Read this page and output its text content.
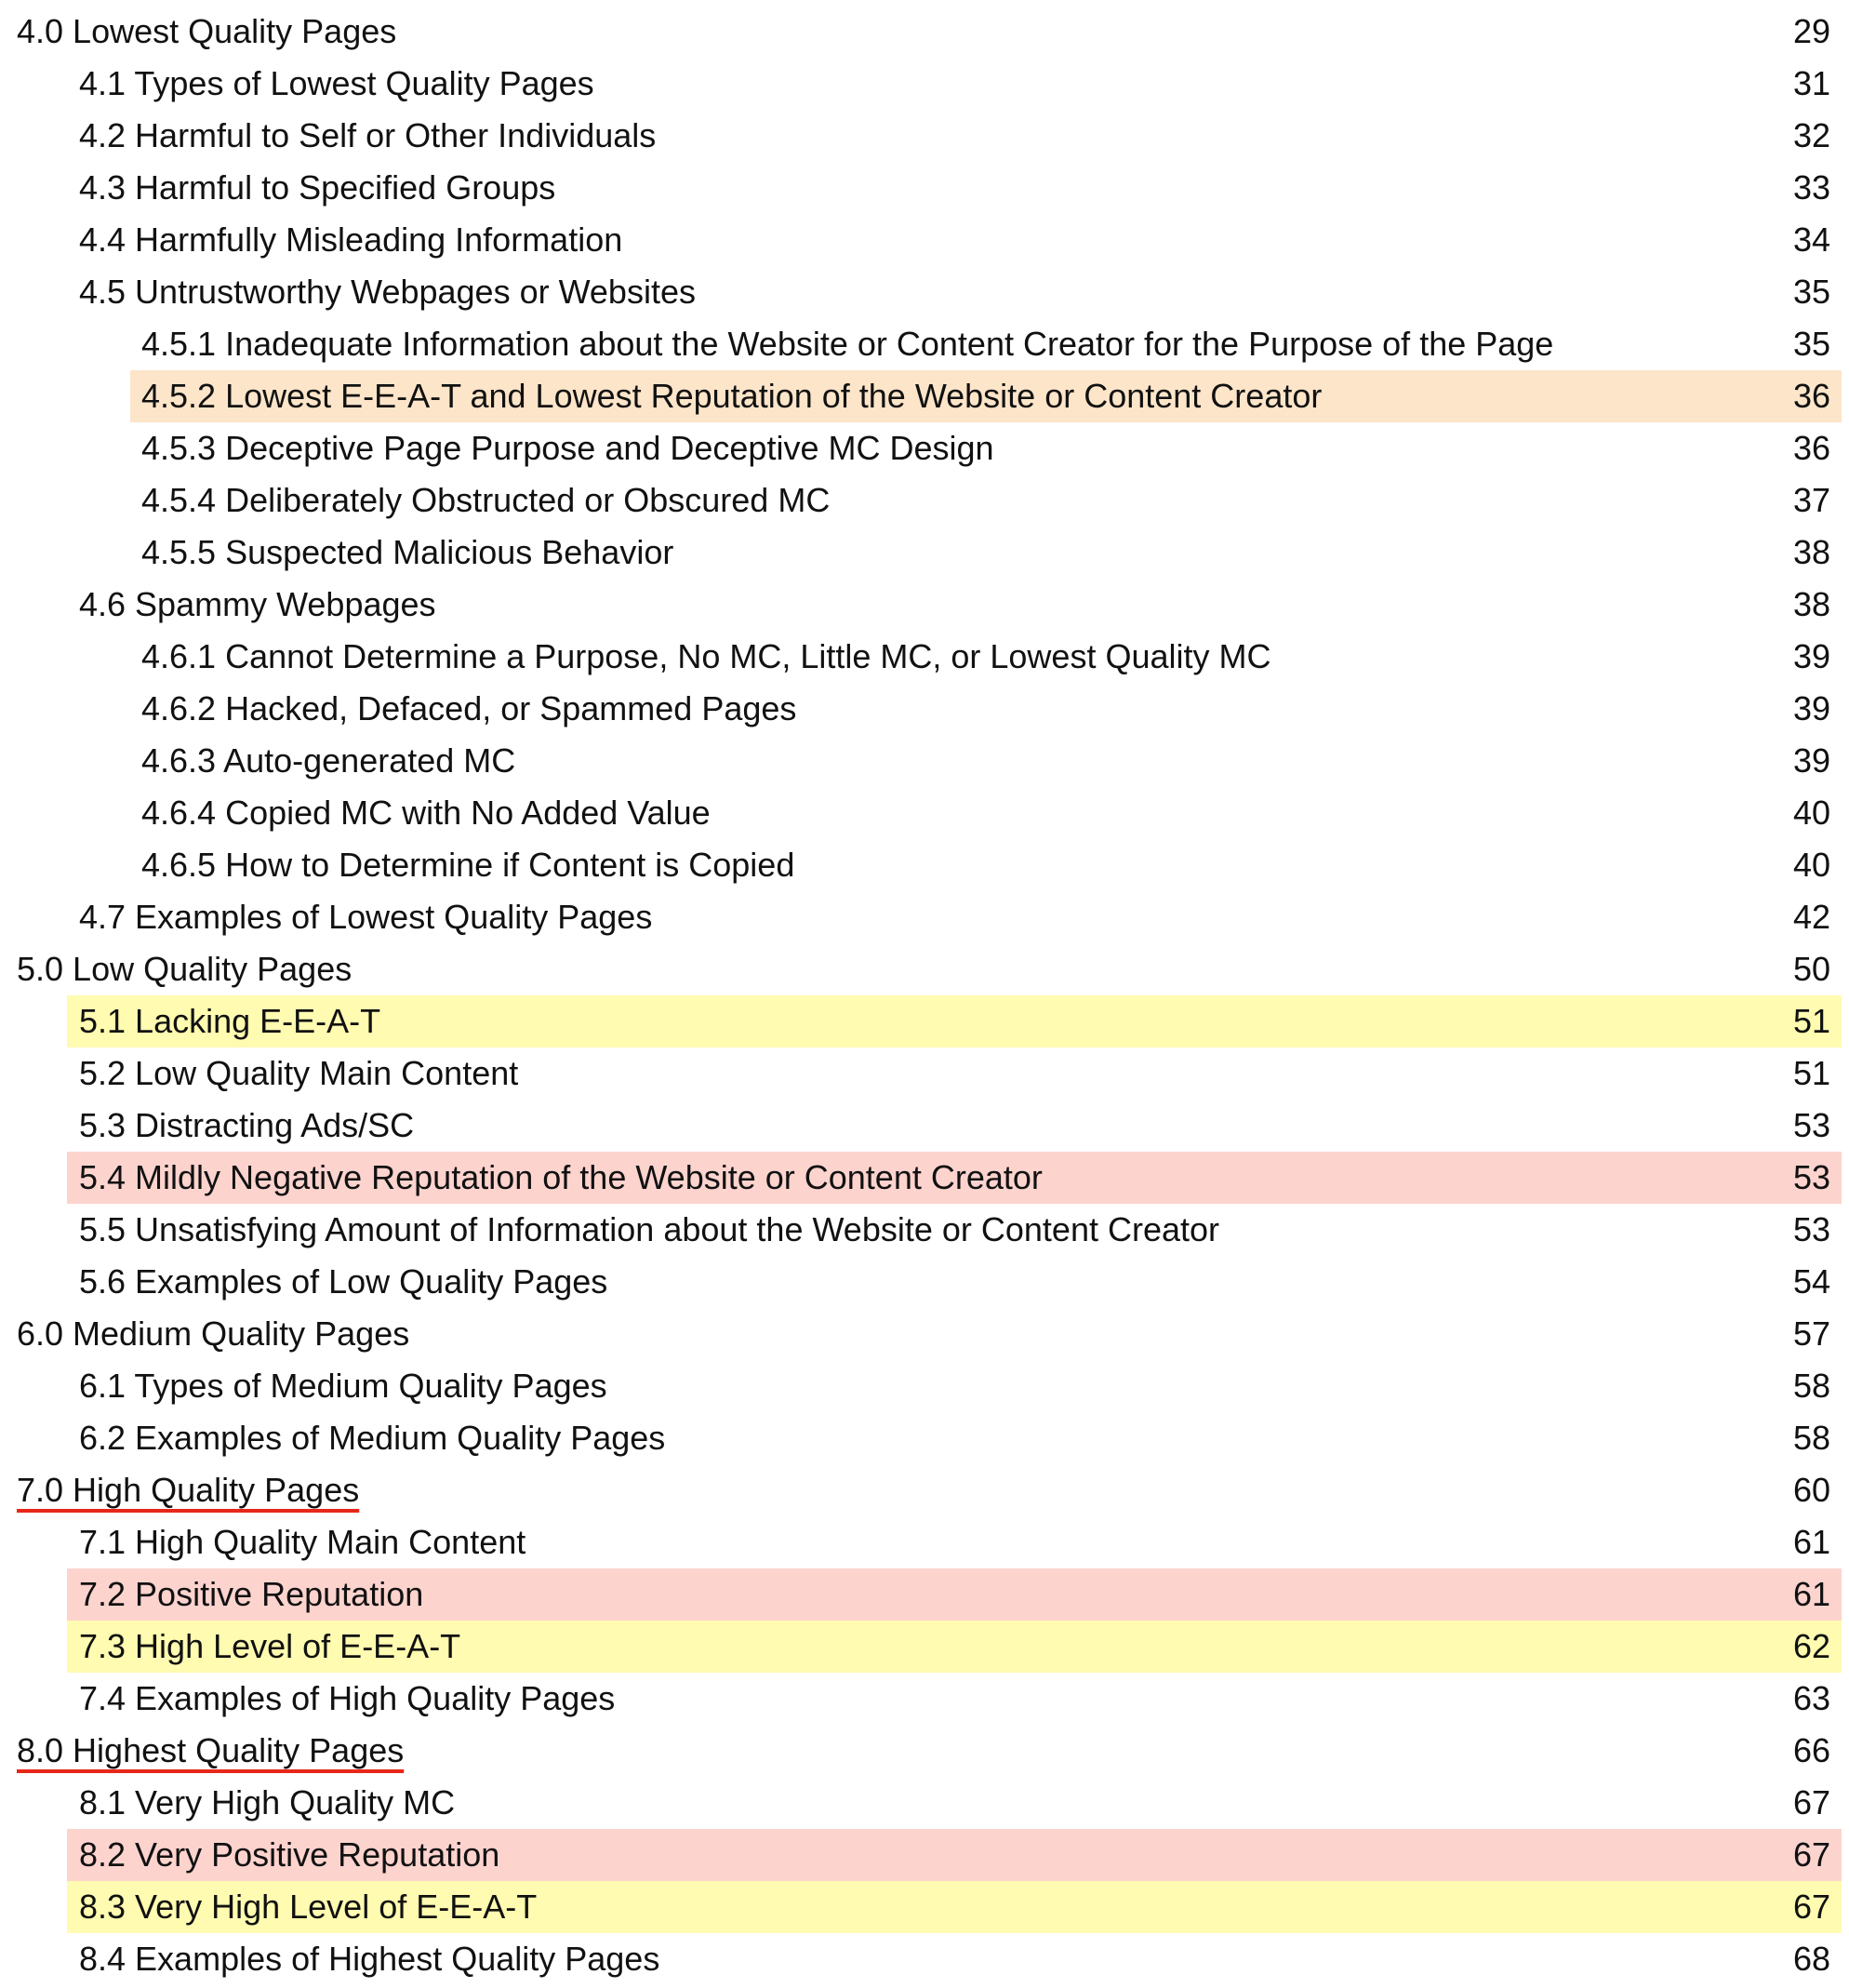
4.0 Lowest Quality Pages	29
4.1 Types of Lowest Quality Pages	31
4.2 Harmful to Self or Other Individuals	32
4.3 Harmful to Specified Groups	33
4.4 Harmfully Misleading Information	34
4.5 Untrustworthy Webpages or Websites	35
4.5.1 Inadequate Information about the Website or Content Creator for the Purpose of the Page	35
4.5.2 Lowest E-E-A-T and Lowest Reputation of the Website or Content Creator	36
4.5.3 Deceptive Page Purpose and Deceptive MC Design	36
4.5.4 Deliberately Obstructed or Obscured MC	37
4.5.5 Suspected Malicious Behavior	38
4.6 Spammy Webpages	38
4.6.1 Cannot Determine a Purpose, No MC, Little MC, or Lowest Quality MC	39
4.6.2 Hacked, Defaced, or Spammed Pages	39
4.6.3 Auto-generated MC	39
4.6.4 Copied MC with No Added Value	40
4.6.5 How to Determine if Content is Copied	40
4.7 Examples of Lowest Quality Pages	42
5.0 Low Quality Pages	50
5.1 Lacking E-E-A-T	51
5.2 Low Quality Main Content	51
5.3 Distracting Ads/SC	53
5.4 Mildly Negative Reputation of the Website or Content Creator	53
5.5 Unsatisfying Amount of Information about the Website or Content Creator	53
5.6 Examples of Low Quality Pages	54
6.0 Medium Quality Pages	57
6.1 Types of Medium Quality Pages	58
6.2 Examples of Medium Quality Pages	58
7.0 High Quality Pages	60
7.1 High Quality Main Content	61
7.2 Positive Reputation	61
7.3 High Level of E-E-A-T	62
7.4 Examples of High Quality Pages	63
8.0 Highest Quality Pages	66
8.1 Very High Quality MC	67
8.2 Very Positive Reputation	67
8.3 Very High Level of E-E-A-T	67
8.4 Examples of Highest Quality Pages	68
